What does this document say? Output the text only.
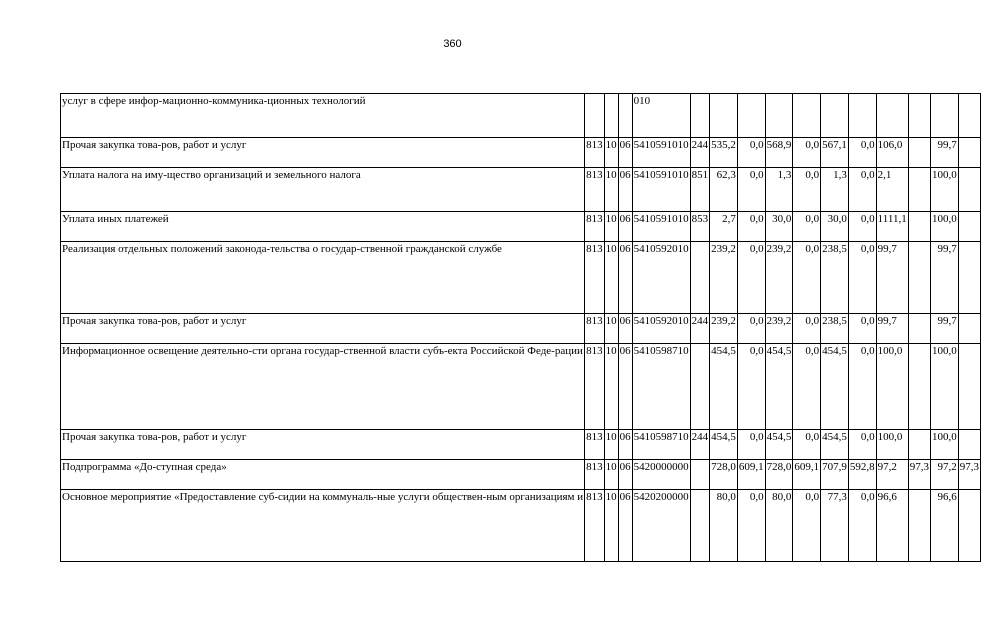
360
услуг в сфере инфор-мационно-коммуника-ционных технологий				010											
Прочая закупка това-ров, работ и услуг	813	10	06	5410591010	244	535,2	0,0	568,9	0,0	567,1	0,0	106,0		99,7	
Уплата налога на иму-щество организаций и земельного налога	813	10	06	5410591010	851	62,3	0,0	1,3	0,0	1,3	0,0	2,1		100,0	
Уплата иных платежей	813	10	06	5410591010	853	2,7	0,0	30,0	0,0	30,0	0,0	1111,1		100,0	
Реализация отдельных положений законода-тельства о государ-ственной гражданской службе	813	10	06	5410592010		239,2	0,0	239,2	0,0	238,5	0,0	99,7		99,7	
Прочая закупка това-ров, работ и услуг	813	10	06	5410592010	244	239,2	0,0	239,2	0,0	238,5	0,0	99,7		99,7	
Информационное освещение деятельно-сти органа государ-ственной власти субъ-екта Российской Феде-рации	813	10	06	5410598710		454,5	0,0	454,5	0,0	454,5	0,0	100,0		100,0	
Прочая закупка това-ров, работ и услуг	813	10	06	5410598710	244	454,5	0,0	454,5	0,0	454,5	0,0	100,0		100,0	
Подпрограмма «До-ступная среда»	813	10	06	5420000000		728,0	609,1	728,0	609,1	707,9	592,8	97,2	97,3	97,2	97,3
Основное мероприятие «Предоставление суб-сидии на коммуналь-ные услуги обществен-ным организациям и	813	10	06	5420200000		80,0	0,0	80,0	0,0	77,3	0,0	96,6		96,6	
